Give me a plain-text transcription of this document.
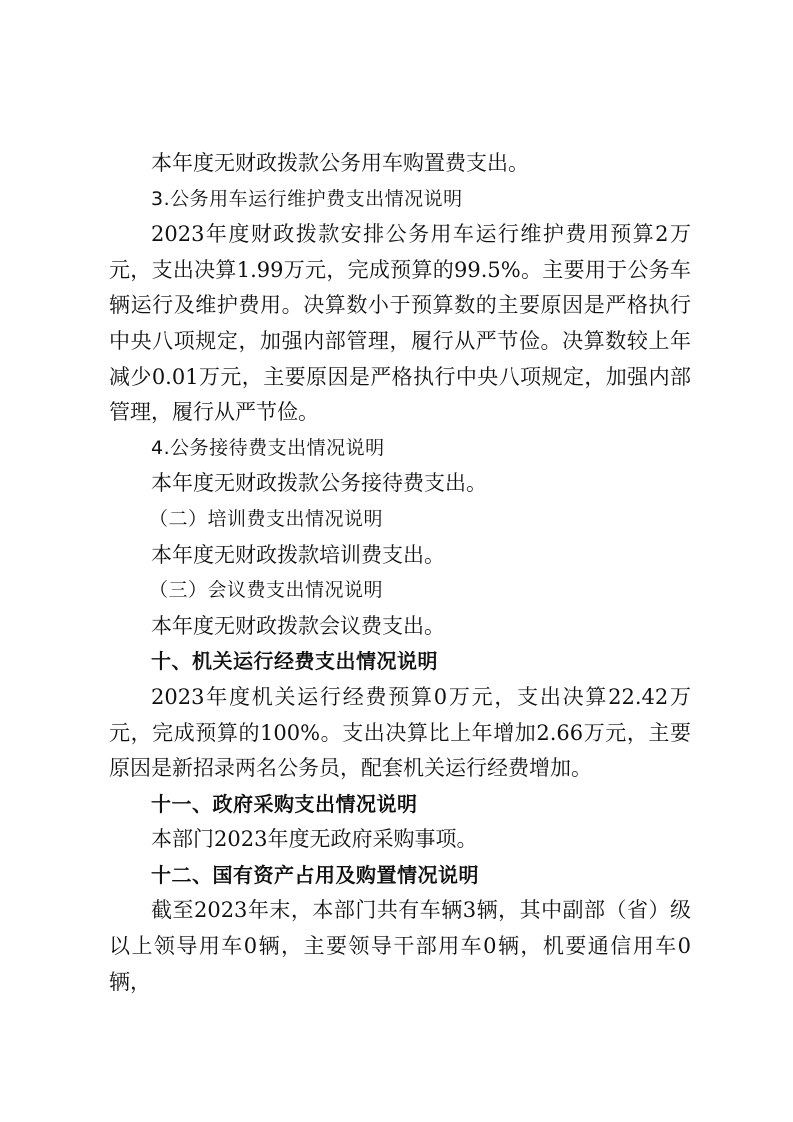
本年度无财政拨款公务用车购置费支出。

3.公务用车运行维护费支出情况说明

2023年度财政拨款安排公务用车运行维护费用预算2万元，支出决算1.99万元，完成预算的99.5%。主要用于公务车辆运行及维护费用。决算数小于预算数的主要原因是严格执行中央八项规定，加强内部管理，履行从严节俭。决算数较上年减少0.01万元，主要原因是严格执行中央八项规定，加强内部管理，履行从严节俭。

4.公务接待费支出情况说明

本年度无财政拨款公务接待费支出。

（二）培训费支出情况说明

本年度无财政拨款培训费支出。

（三）会议费支出情况说明

本年度无财政拨款会议费支出。

十、机关运行经费支出情况说明

2023年度机关运行经费预算0万元，支出决算22.42万元，完成预算的100%。支出决算比上年增加2.66万元，主要原因是新招录两名公务员，配套机关运行经费增加。

十一、政府采购支出情况说明

本部门2023年度无政府采购事项。

十二、国有资产占用及购置情况说明

截至2023年末，本部门共有车辆3辆，其中副部（省）级以上领导用车0辆，主要领导干部用车0辆，机要通信用车0辆，
